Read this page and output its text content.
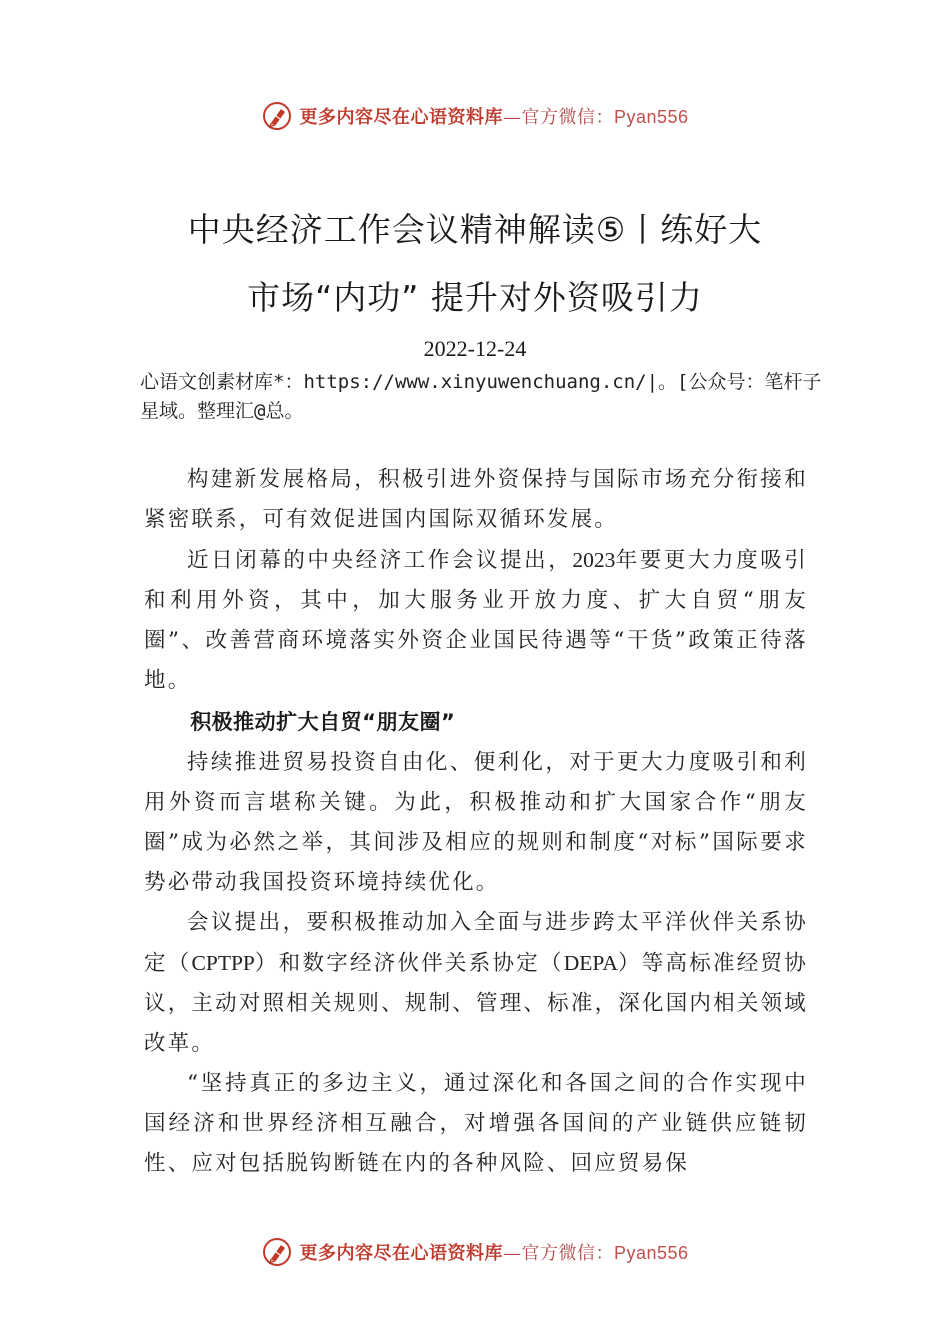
更多内容尽在心语资料库—官方微信：Pyan556
中央经济工作会议精神解读⑤丨练好大
市场“内功” 提升对外资吸引力
2022-12-24
心语文创素材库*：https://www.xinyuwenchuang.cn/|。[公众号：笔杆子星域。整理汇@总。

构建新发展格局，积极引进外资保持与国际市场充分衔接和紧密联系，可有效促进国内国际双循环发展。

近日闭幕的中央经济工作会议提出，2023年要更大力度吸引和利用外资，其中，加大服务业开放力度、扩大自贸“朋友圈”、改善营商环境落实外资企业国民待遇等“干货”政策正待落地。

积极推动扩大自贸“朋友圈”

持续推进贸易投资自由化、便利化，对于更大力度吸引和利用外资而言堪称关键。为此，积极推动和扩大国家合作“朋友圈”成为必然之举，其间涉及相应的规则和制度“对标”国际要求势必带动我国投资环境持续优化。

会议提出，要积极推动加入全面与进步跨太平洋伙伴关系协定（CPTPP）和数字经济伙伴关系协定（DEPA）等高标准经贸协议，主动对照相关规则、规制、管理、标准，深化国内相关领域改革。

“坚持真正的多边主义，通过深化和各国之间的合作实现中国经济和世界经济相互融合，对增强各国间的产业链供应链韧性、应对包括脱钩断链在内的各种风险、回应贸易保

更多内容尽在心语资料库—官方微信：Pyan556
